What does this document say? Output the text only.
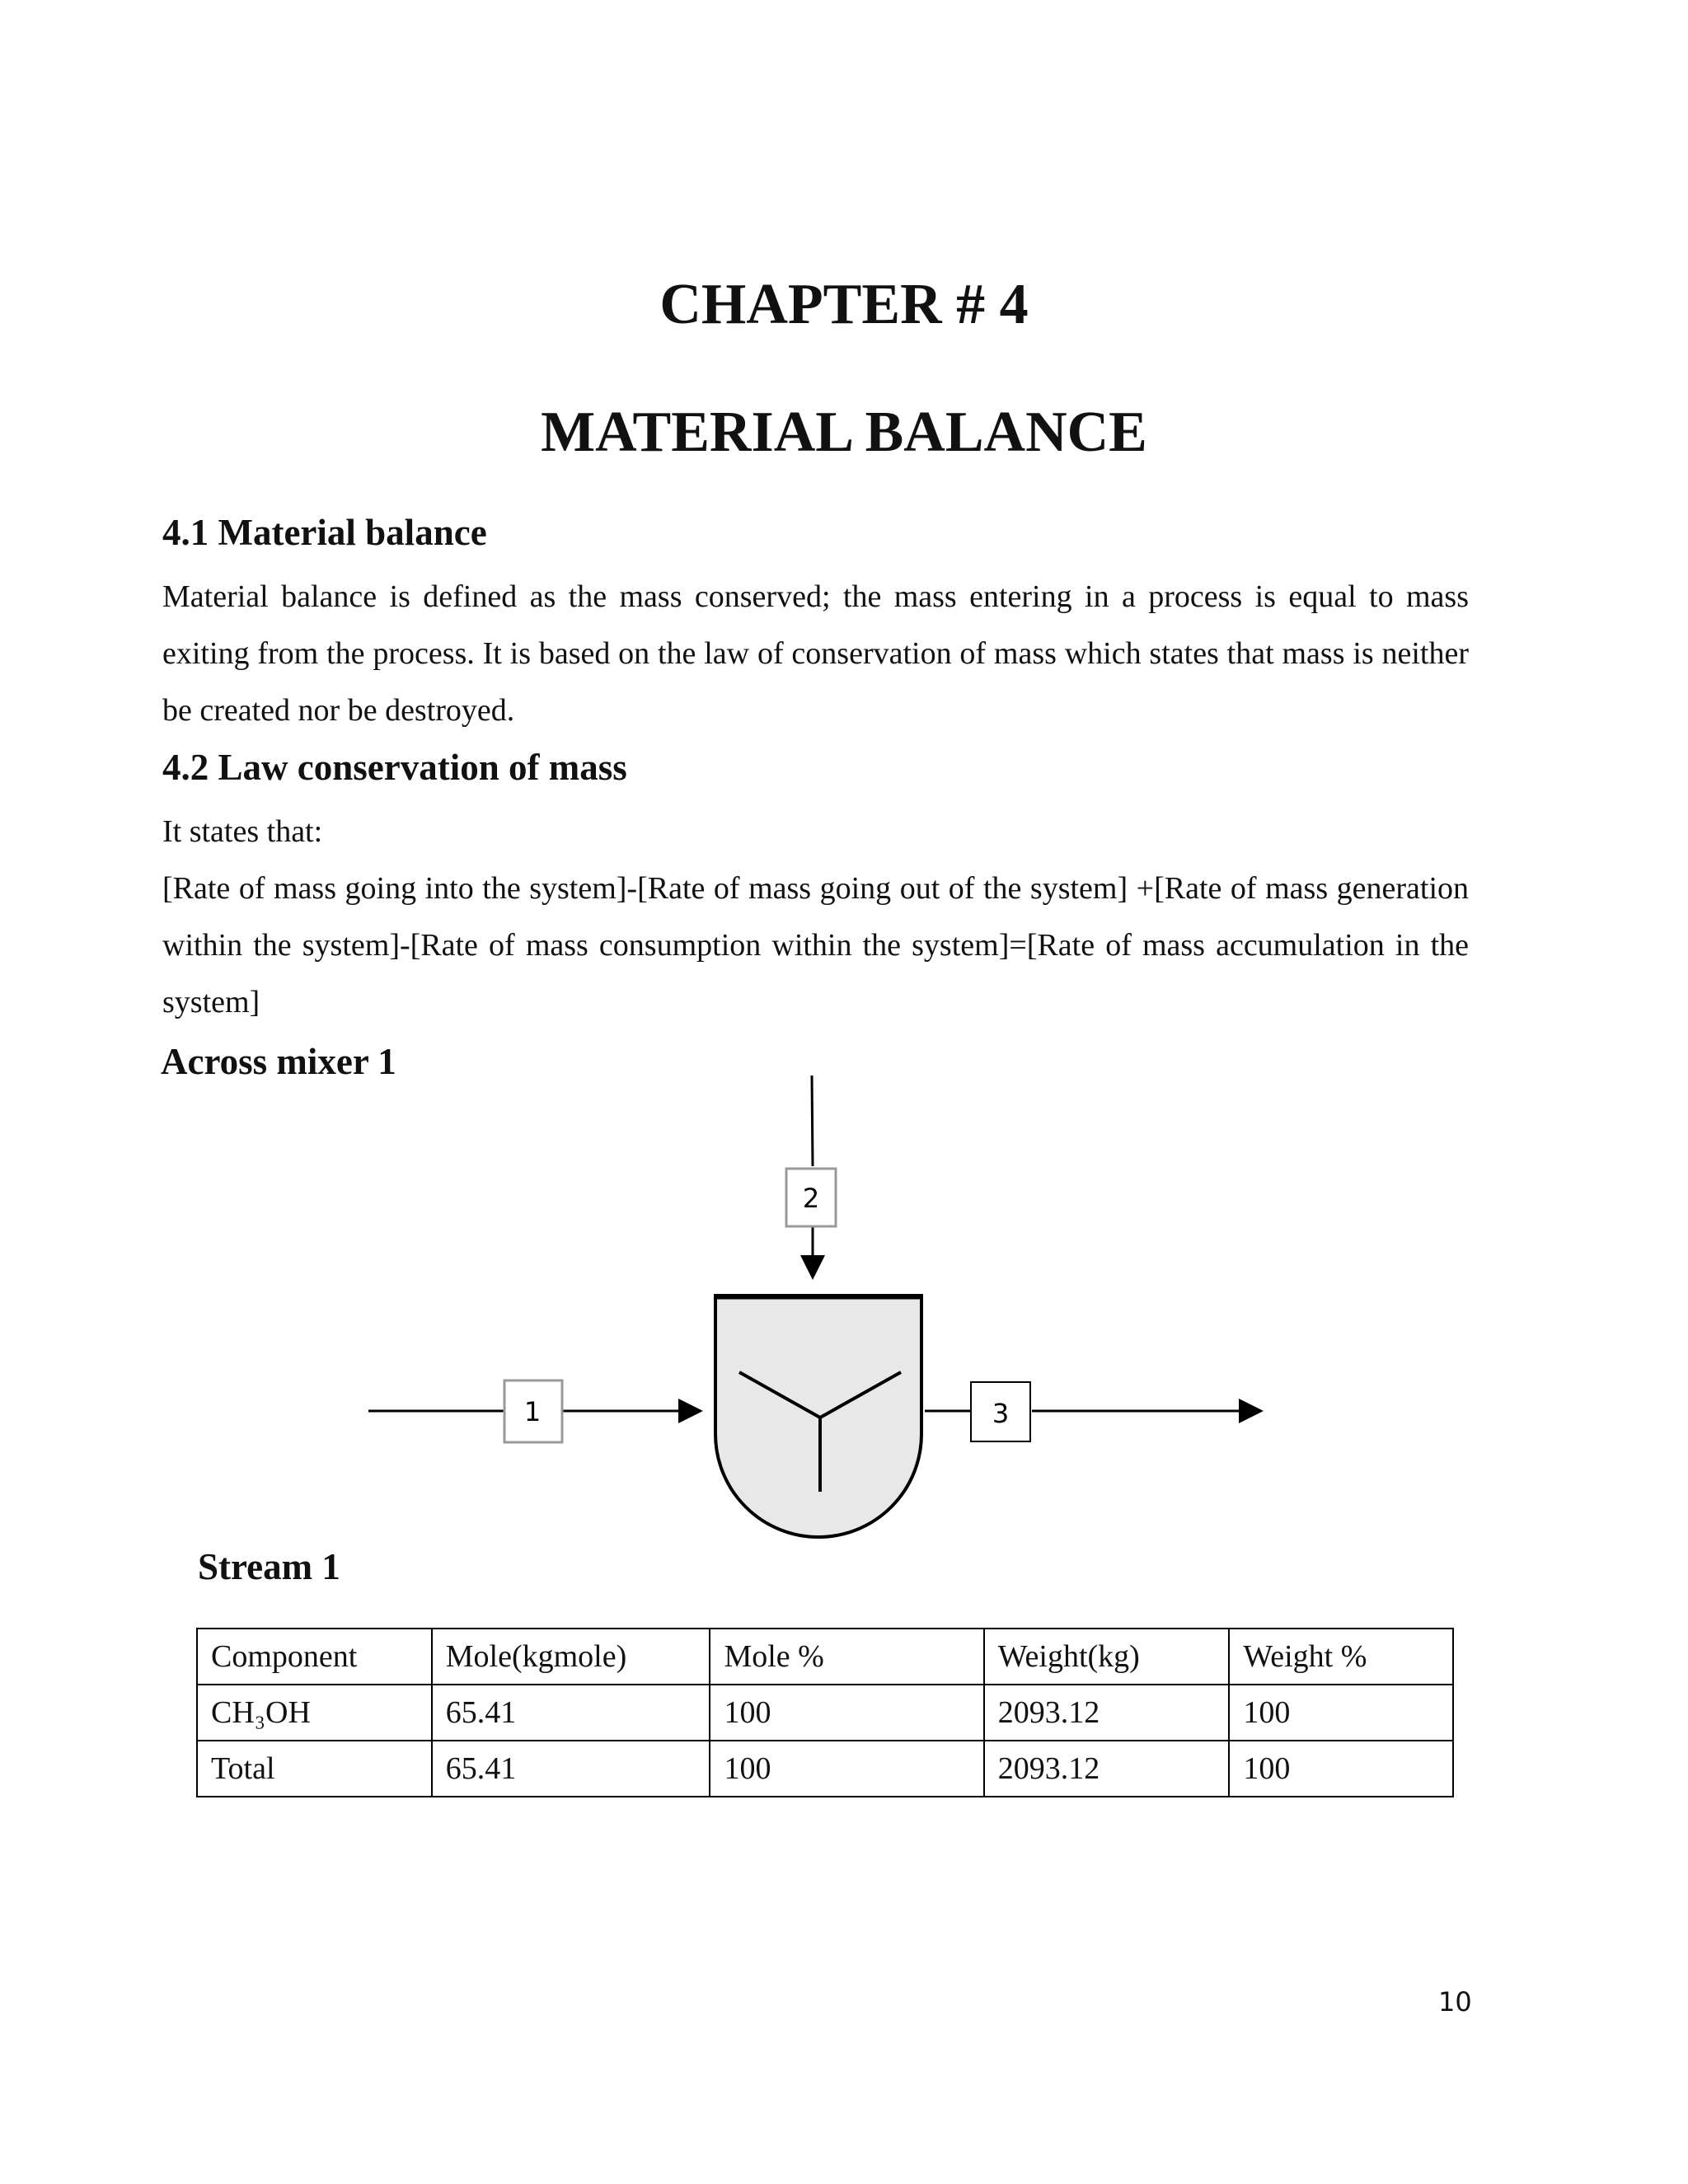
CHAPTER # 4
MATERIAL BALANCE
4.1 Material balance
Material balance is defined as the mass conserved; the mass entering in a process is equal to mass exiting from the process. It is based on the law of conservation of mass which states that mass is neither be created nor be destroyed.
4.2 Law conservation of mass
It states that:
[Rate of mass going into the system]-[Rate of mass going out of the system] +[Rate of mass generation within the system]-[Rate of mass consumption within the system]=[Rate of mass accumulation in the system]
Across mixer 1
2
1	3
Stream 1
Component	Mole(kgmole)	Mole %	Weight(kg)	Weight %
CH₃OH	65.41	100	2093.12	100
Total	65.41	100	2093.12	100
10
